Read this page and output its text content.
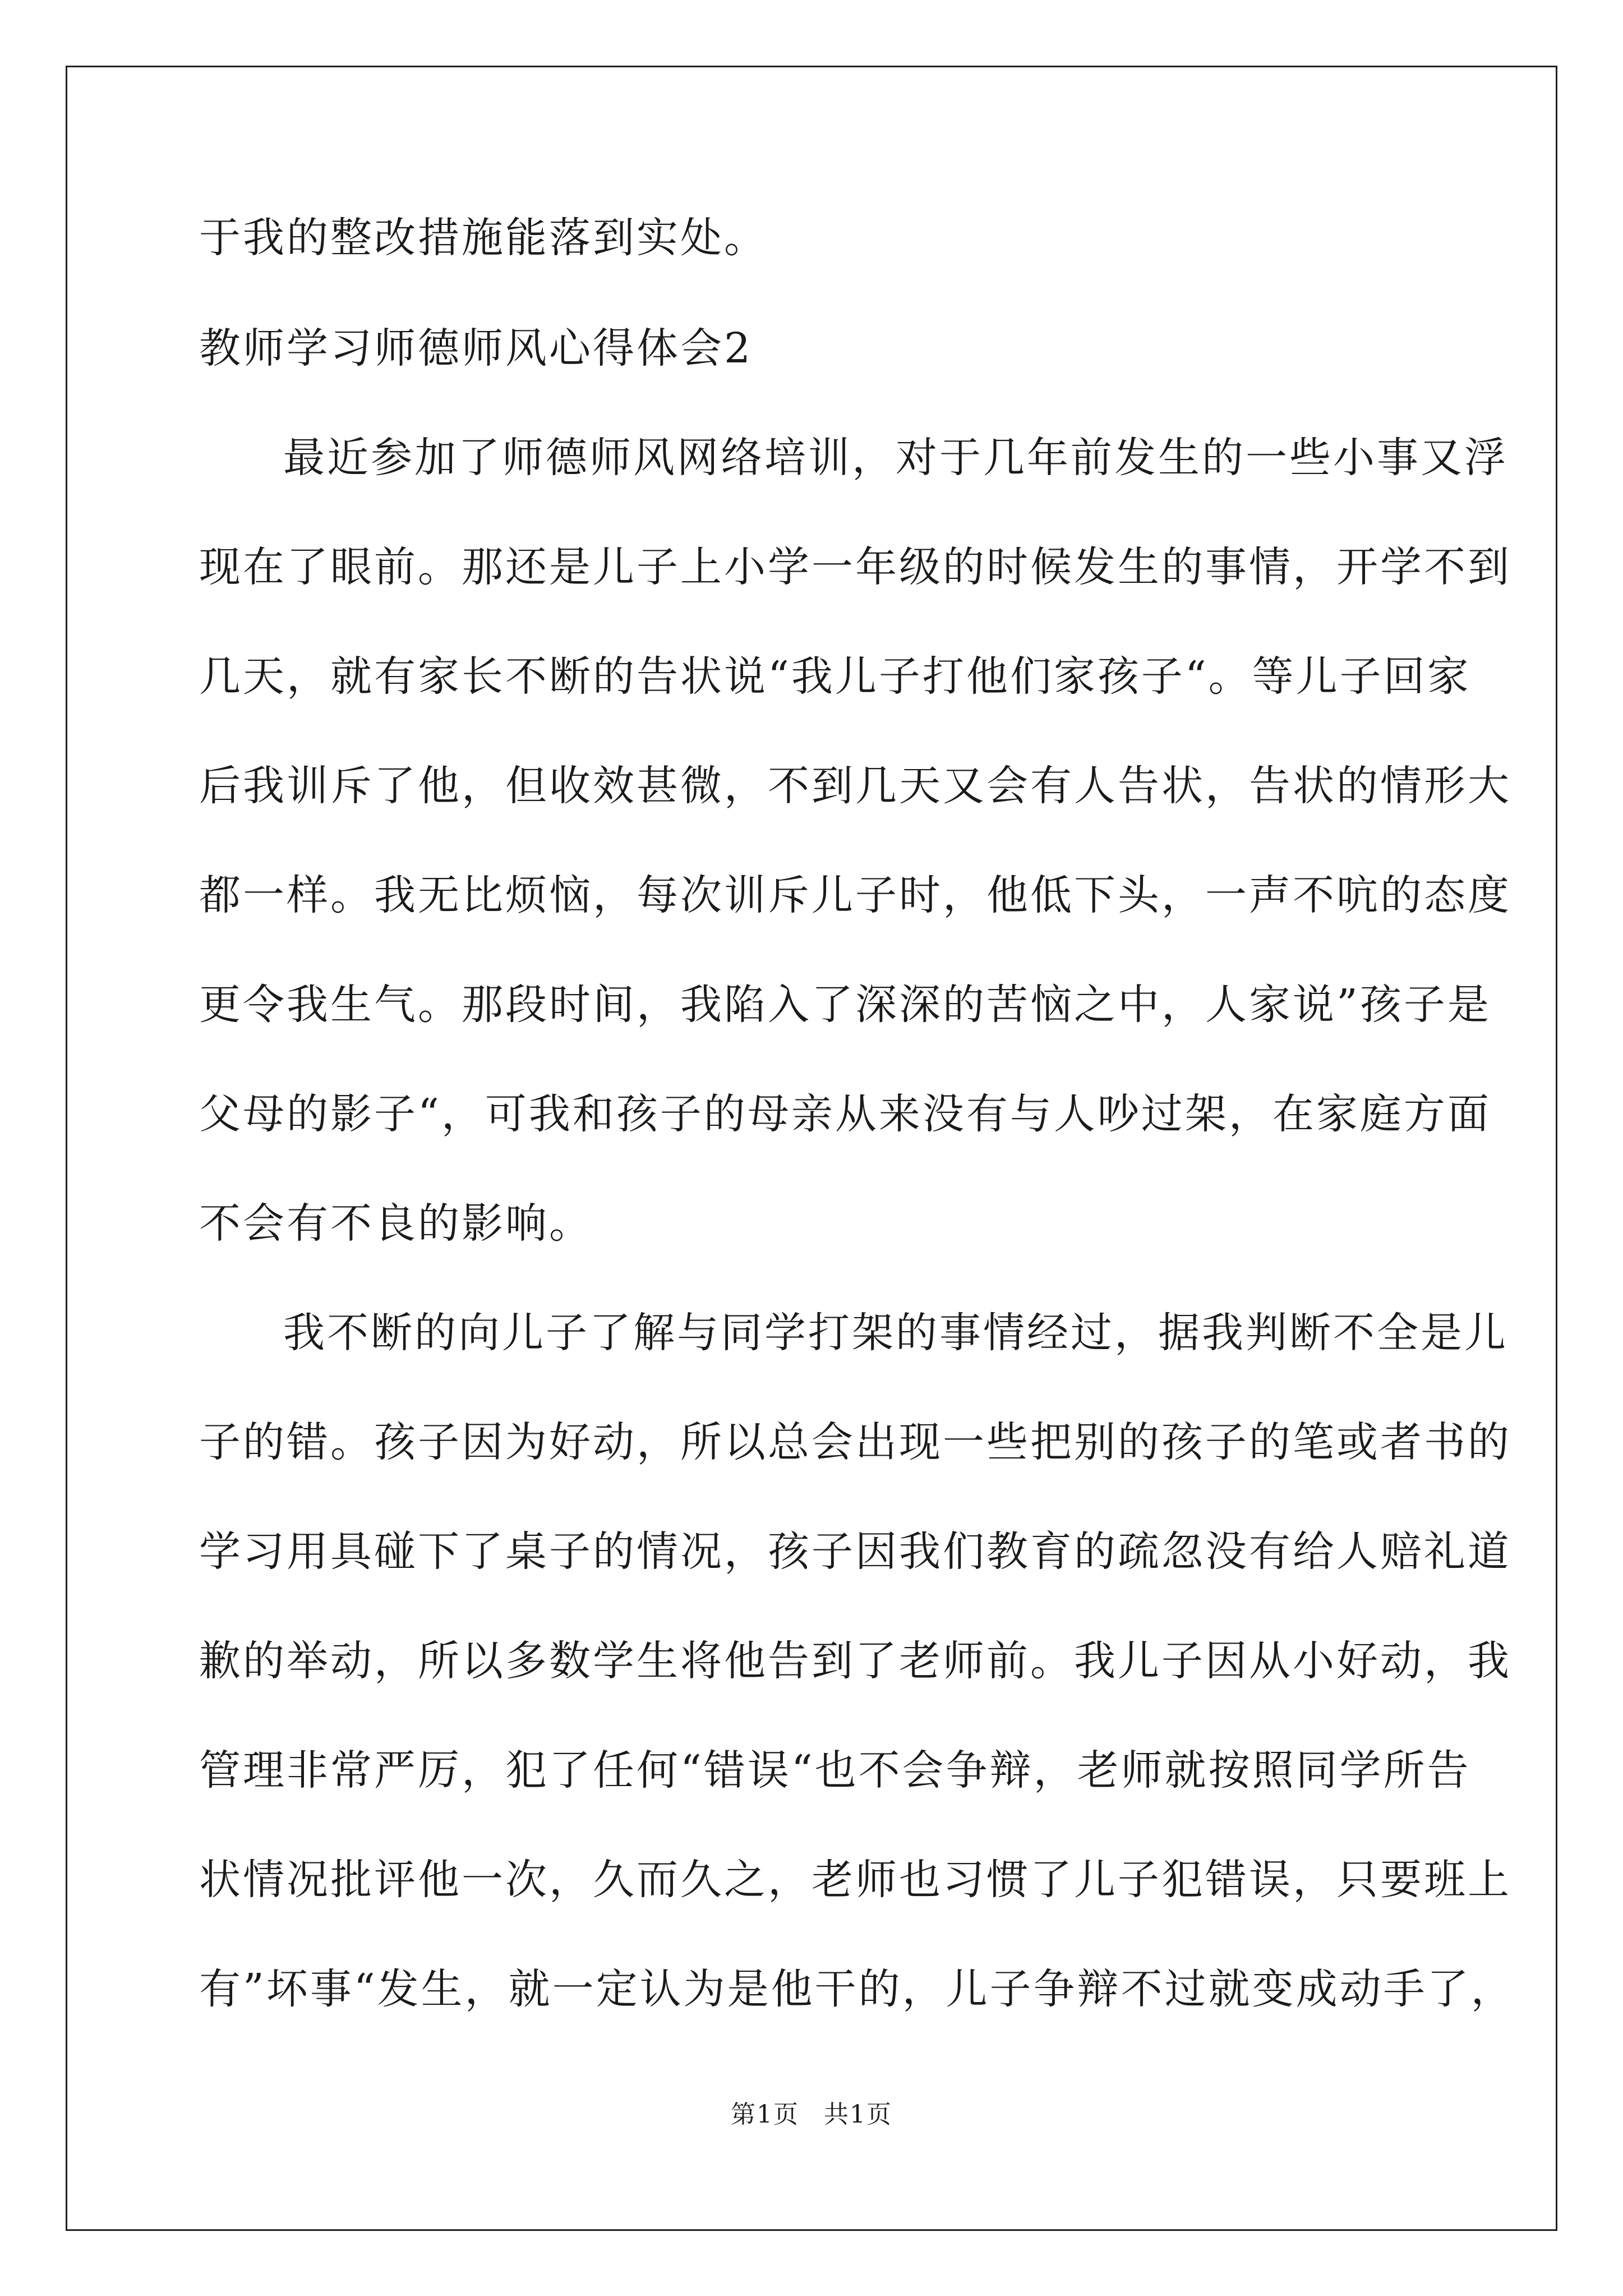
于我的整改措施能落到实处。
教师学习师德师风心得体会2
最近参加了师德师风网络培训，对于几年前发生的一些小事又浮
现在了眼前。那还是儿子上小学一年级的时候发生的事情，开学不到
几天，就有家长不断的告状说“我儿子打他们家孩子“。等儿子回家
后我训斥了他，但收效甚微，不到几天又会有人告状，告状的情形大
都一样。我无比烦恼，每次训斥儿子时，他低下头，一声不吭的态度
更令我生气。那段时间，我陷入了深深的苦恼之中，人家说”孩子是
父母的影子“，可我和孩子的母亲从来没有与人吵过架，在家庭方面
不会有不良的影响。
我不断的向儿子了解与同学打架的事情经过，据我判断不全是儿
子的错。孩子因为好动，所以总会出现一些把别的孩子的笔或者书的
学习用具碰下了桌子的情况，孩子因我们教育的疏忽没有给人赔礼道
歉的举动，所以多数学生将他告到了老师前。我儿子因从小好动，我
管理非常严厉，犯了任何“错误“也不会争辩，老师就按照同学所告
状情况批评他一次，久而久之，老师也习惯了儿子犯错误，只要班上
有”坏事“发生，就一定认为是他干的，儿子争辩不过就变成动手了，
第1页 共1页
